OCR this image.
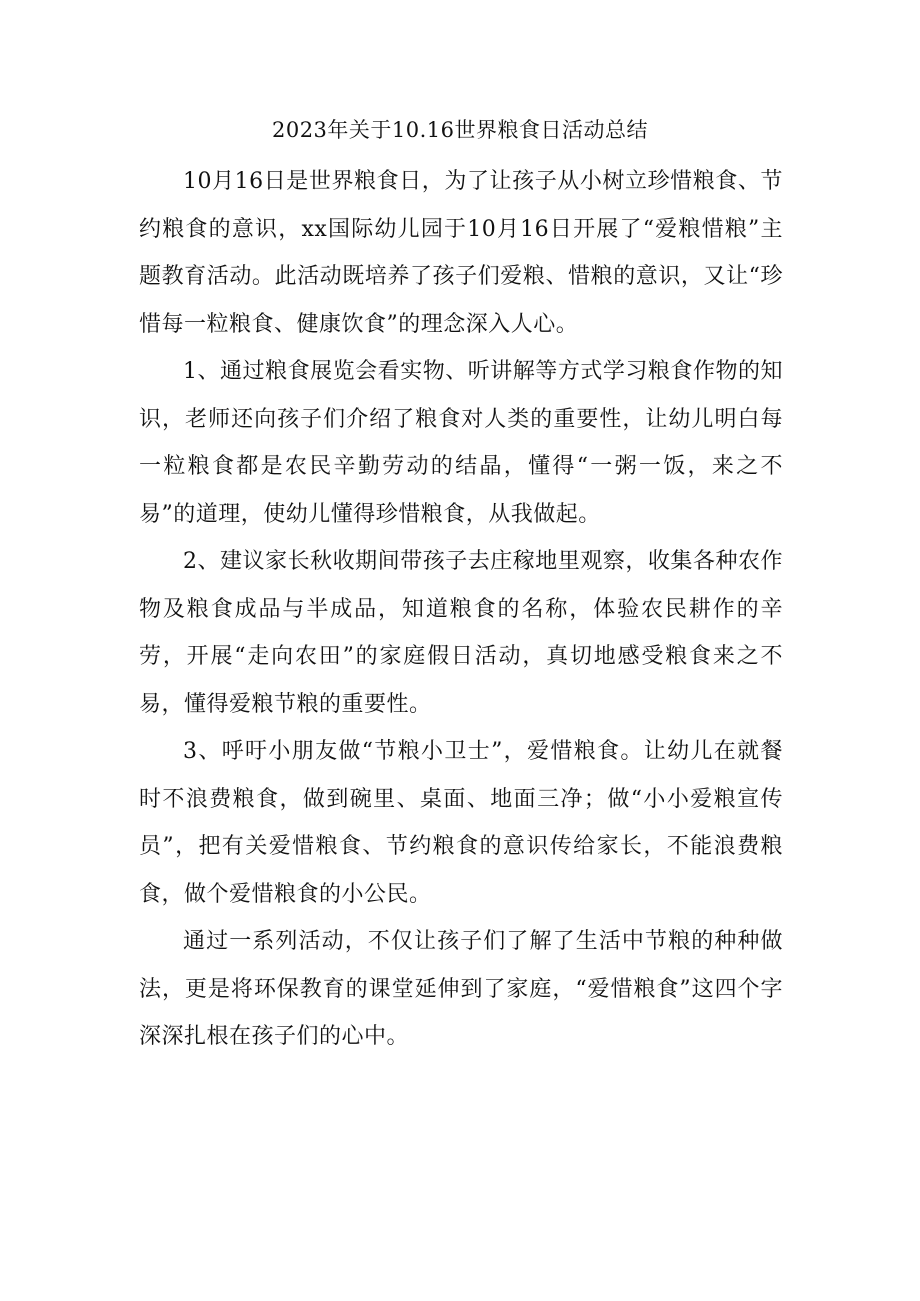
2023年关于10.16世界粮食日活动总结

10月16日是世界粮食日，为了让孩子从小树立珍惜粮食、节约粮食的意识，xx国际幼儿园于10月16日开展了“爱粮惜粮”主题教育活动。此活动既培养了孩子们爱粮、惜粮的意识，又让“珍惜每一粒粮食、健康饮食”的理念深入人心。

1、通过粮食展览会看实物、听讲解等方式学习粮食作物的知识，老师还向孩子们介绍了粮食对人类的重要性，让幼儿明白每一粒粮食都是农民辛勤劳动的结晶，懂得“一粥一饭，来之不易”的道理，使幼儿懂得珍惜粮食，从我做起。

2、建议家长秋收期间带孩子去庄稼地里观察，收集各种农作物及粮食成品与半成品，知道粮食的名称，体验农民耕作的辛劳，开展“走向农田”的家庭假日活动，真切地感受粮食来之不易，懂得爱粮节粮的重要性。

3、呼吁小朋友做“节粮小卫士”，爱惜粮食。让幼儿在就餐时不浪费粮食，做到碗里、桌面、地面三净；做“小小爱粮宣传员”，把有关爱惜粮食、节约粮食的意识传给家长，不能浪费粮食，做个爱惜粮食的小公民。

通过一系列活动，不仅让孩子们了解了生活中节粮的种种做法，更是将环保教育的课堂延伸到了家庭，“爱惜粮食”这四个字深深扎根在孩子们的心中。
